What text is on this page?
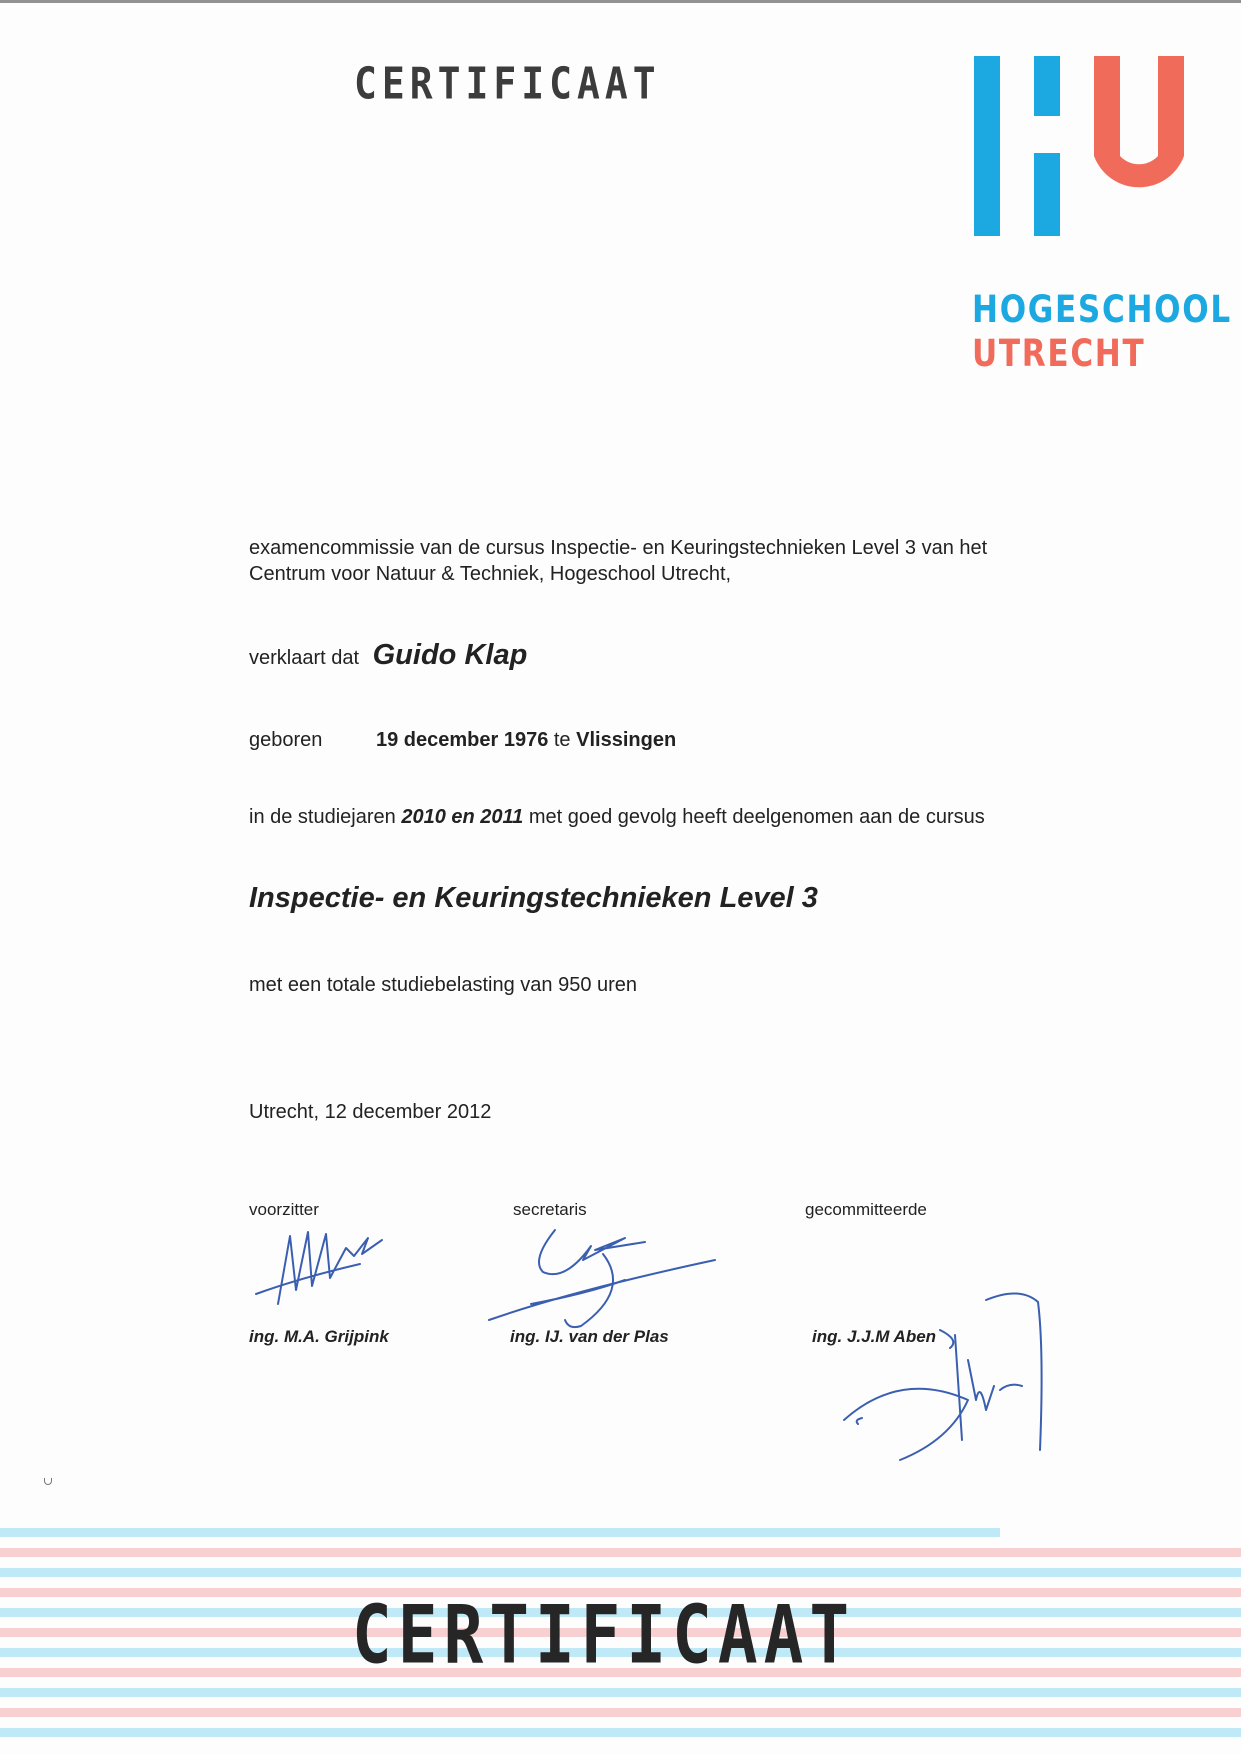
CERTIFICAAT
HOGESCHOOL
UTRECHT
examencommissie van de cursus Inspectie- en Keuringstechnieken Level 3 van het
Centrum voor Natuur & Techniek, Hogeschool Utrecht,
verklaart dat Guido Klap
geboren	19 december 1976 te Vlissingen
in de studiejaren 2010 en 2011 met goed gevolg heeft deelgenomen aan de cursus
Inspectie- en Keuringstechnieken Level 3
met een totale studiebelasting van 950 uren
Utrecht, 12 december 2012
voorzitter	secretaris	gecommitteerde
ing. M.A. Grijpink	ing. IJ. van der Plas	ing. J.J.M Aben
CERTIFICAAT
